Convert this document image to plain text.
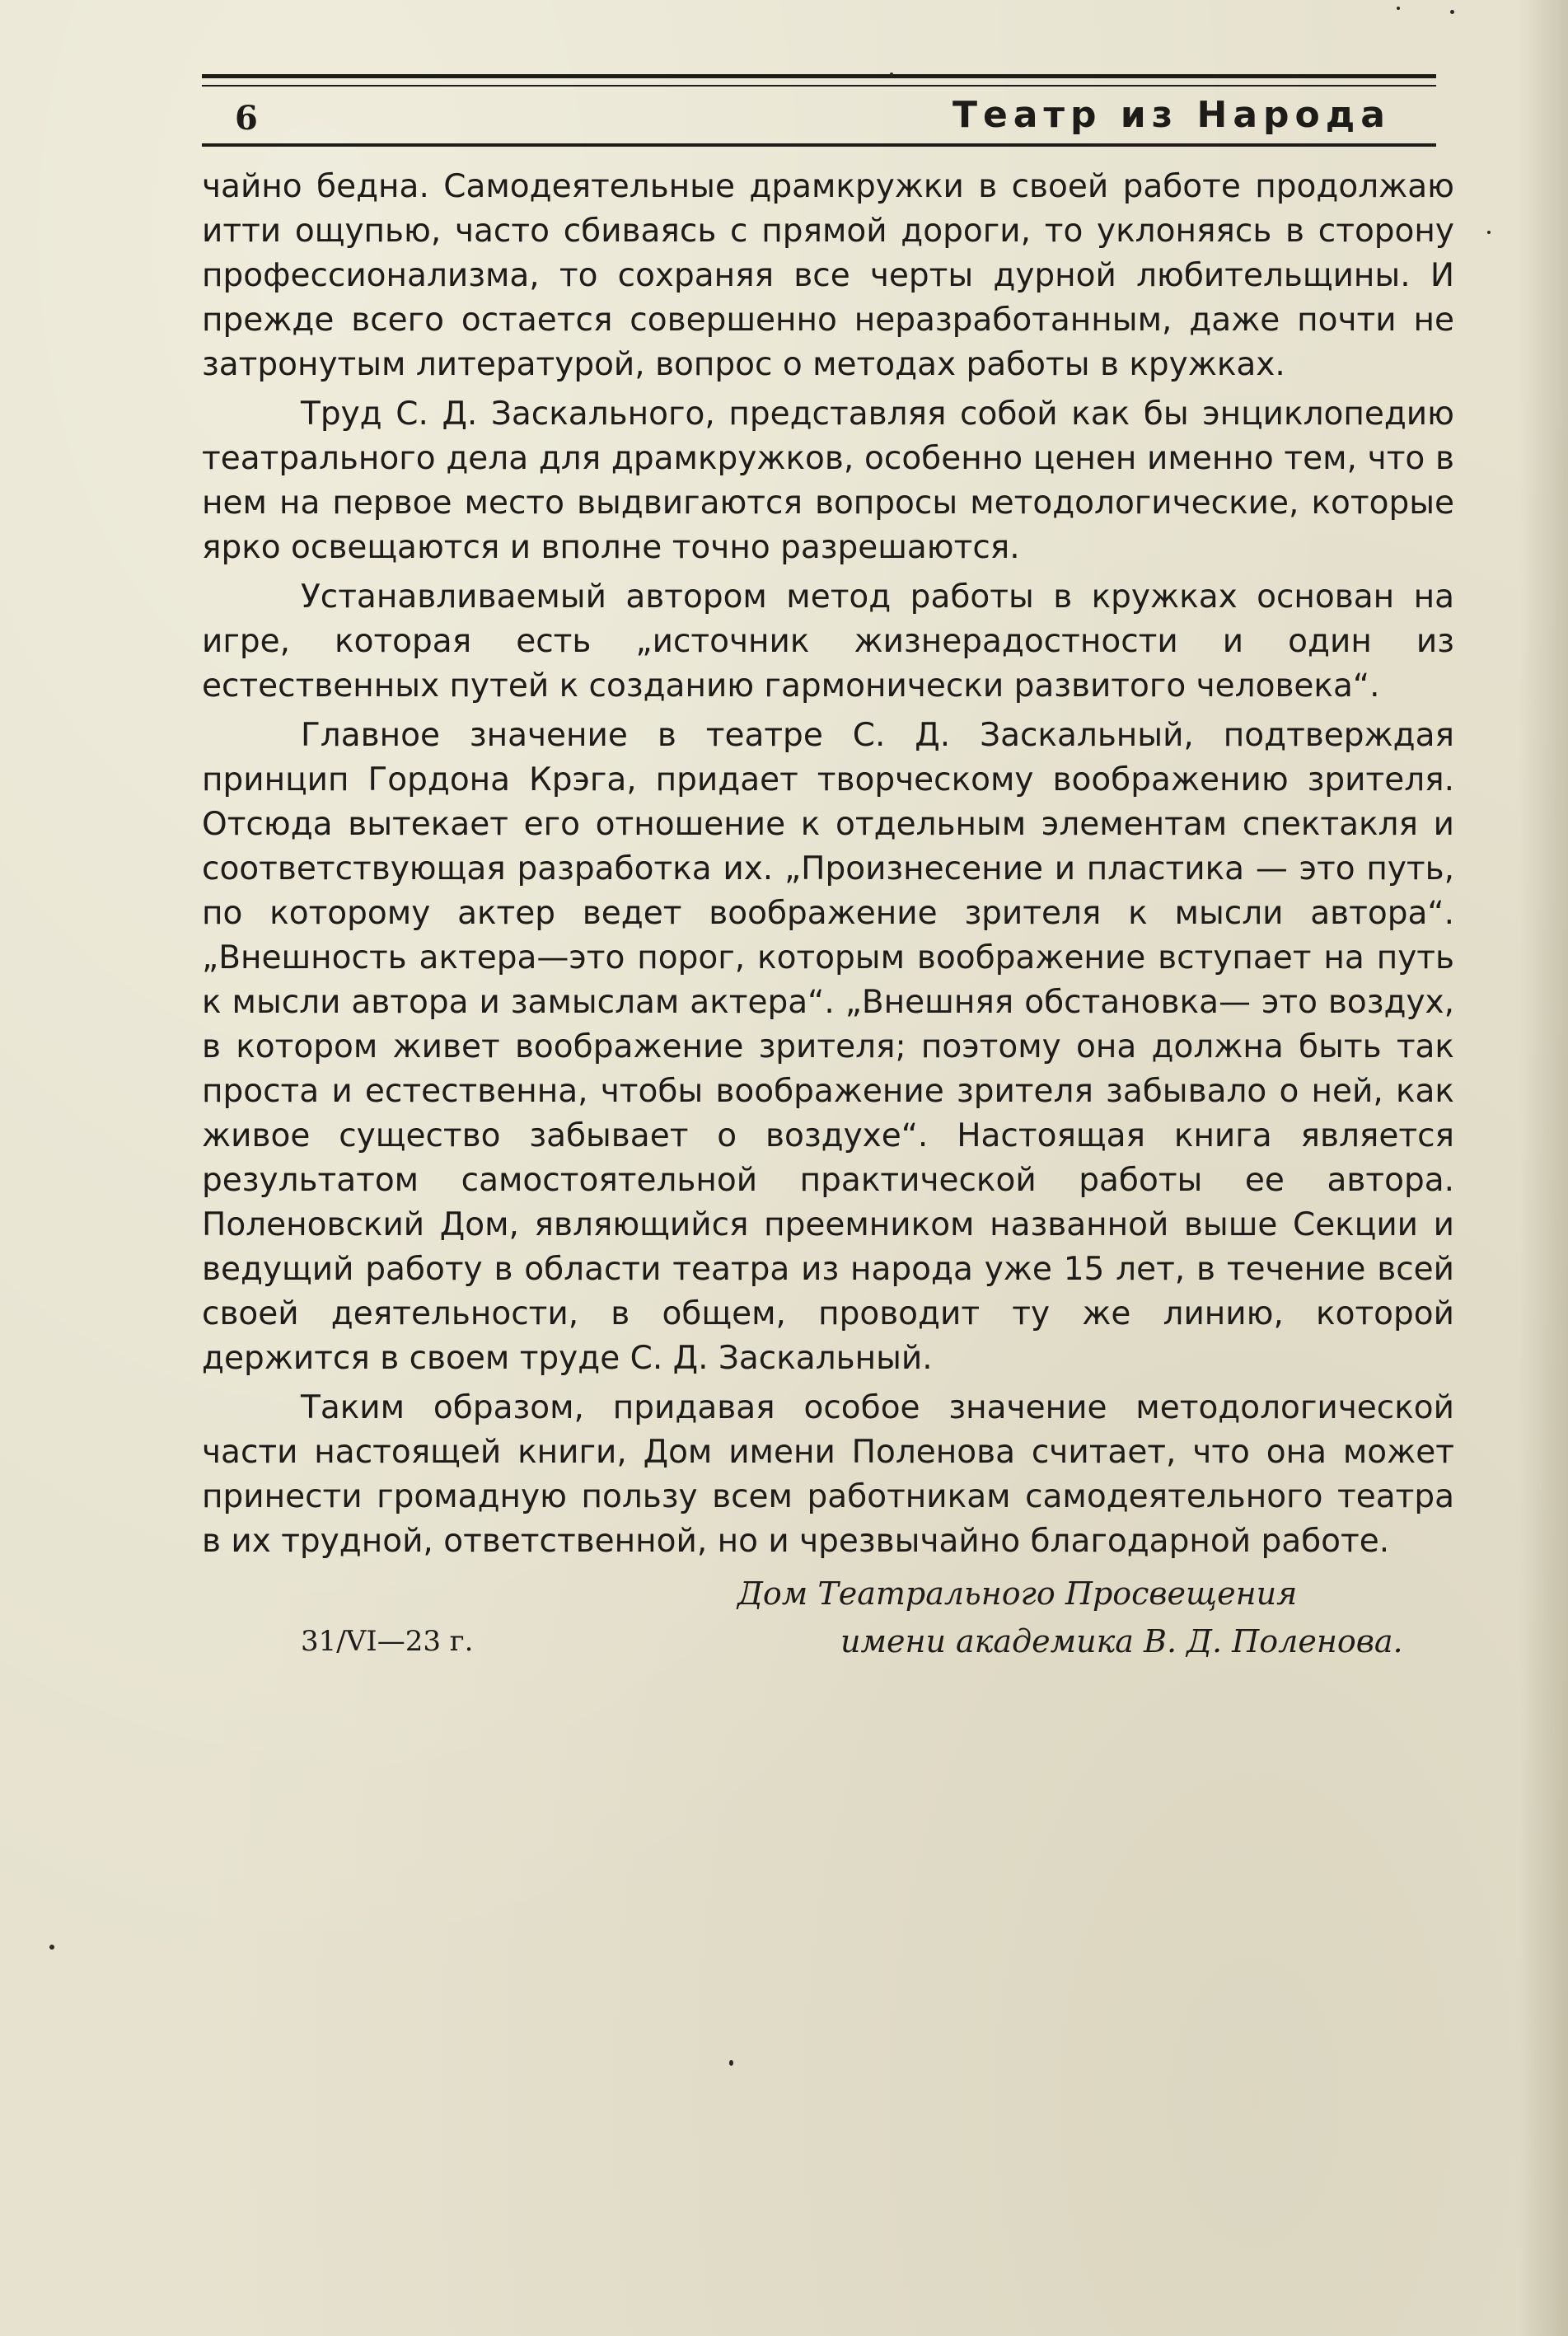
6	Театр из Народа

чайно бедна. Самодеятельные драмкружки в своей работе продолжаю итти ощупью, часто сбиваясь с прямой дороги, то уклоняясь в сторону профессионализма, то сохраняя все черты дурной любительщины. И прежде всего остается совершенно неразработанным, даже почти не затронутым литературой, вопрос о методах работы в кружках.

Труд С. Д. Заскального, представляя собой как бы энциклопедию театрального дела для драмкружков, особенно ценен именно тем, что в нем на первое место выдвигаются вопросы методологические, которые ярко освещаются и вполне точно разрешаются.

Устанавливаемый автором метод работы в кружках основан на игре, которая есть „источник жизнерадостности и один из естественных путей к созданию гармонически развитого человека“.

Главное значение в театре С. Д. Заскальный, подтверждая принцип Гордона Крэга, придает творческому воображению зрителя. Отсюда вытекает его отношение к отдельным элементам спектакля и соответствующая разработка их. „Произнесение и пластика — это путь, по которому актер ведет воображение зрителя к мысли автора“. „Внешность актера—это порог, которым воображение вступает на путь к мысли автора и замыслам актера“. „Внешняя обстановка— это воздух, в котором живет воображение зрителя; поэтому она должна быть так проста и естественна, чтобы воображение зрителя забывало о ней, как живое существо забывает о воздухе“. Настоящая книга является результатом самостоятельной практической работы ее автора. Поленовский Дом, являющийся преемником названной выше Секции и ведущий работу в области театра из народа уже 15 лет, в течение всей своей деятельности, в общем, проводит ту же линию, которой держится в своем труде С. Д. Заскальный.

Таким образом, придавая особое значение методологической части настоящей книги, Дом имени Поленова считает, что она может принести громадную пользу всем работникам самодеятельного театра в их трудной, ответственной, но и чрезвычайно благодарной работе.

31/VI—23 г.
Дом Театрального Просвещения
имени академика В. Д. Поленова.
